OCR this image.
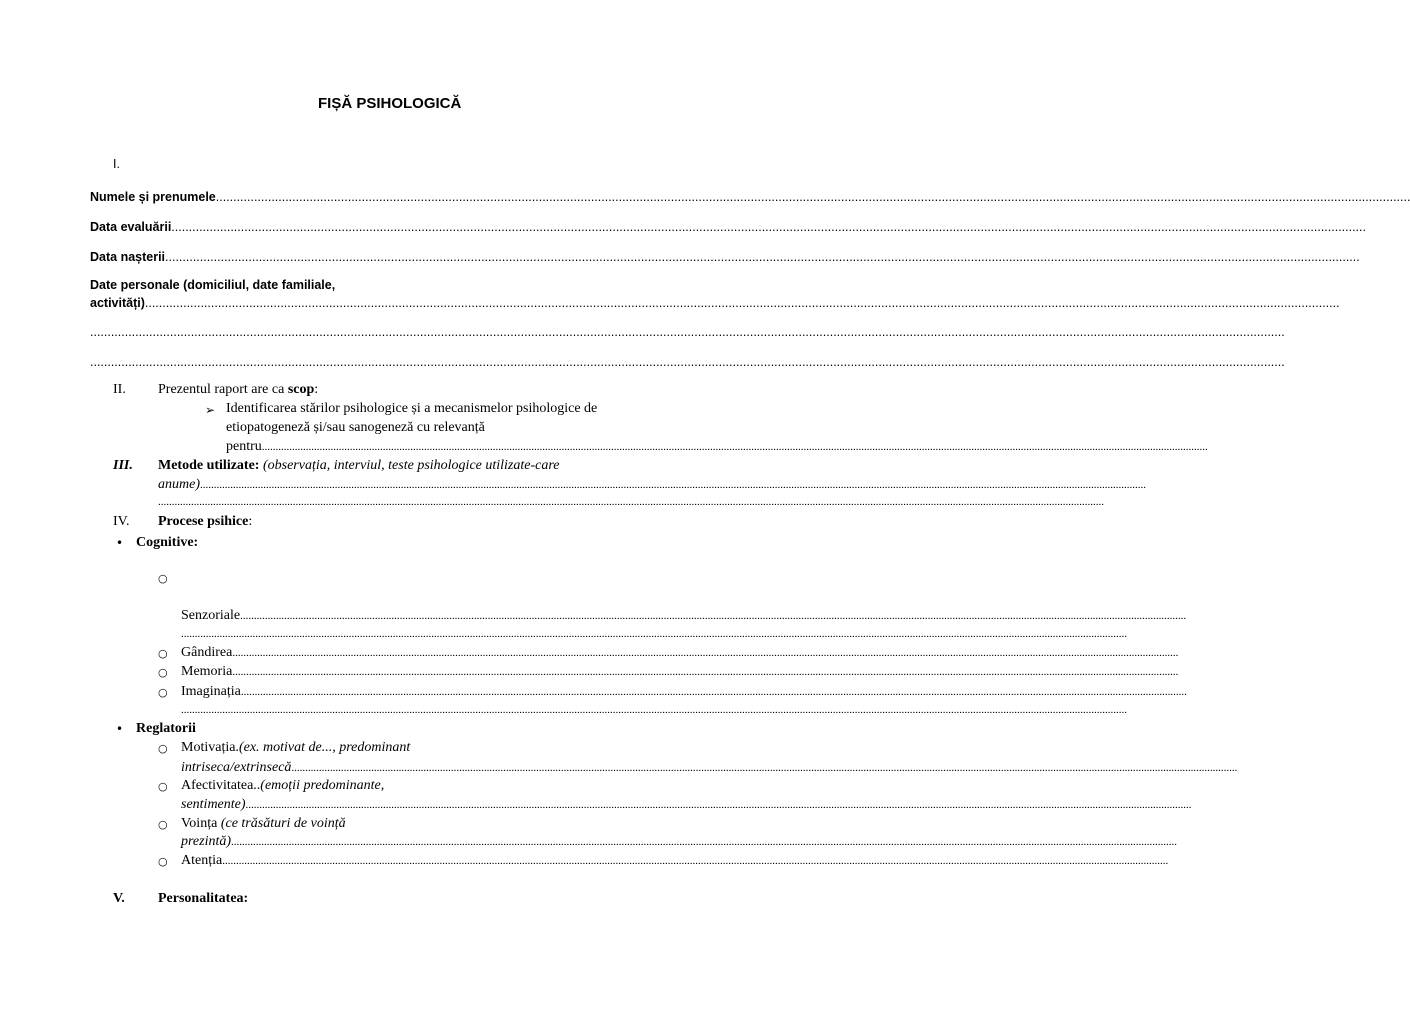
FIȘĂ PSIHOLOGICĂ
I.
Numele și prenumele ........................................................................................................................................................................................................................................................................................................................................................
Data evaluării ........................................................................................................................................................................................................................................................................................................................................................
Data nașterii ........................................................................................................................................................................................................................................................................................................................................................
Date personale (domiciliul, date familiale,
activități) ........................................................................................................................................................................................................................................................................................................................................................
........................................................................................................................................................................................................................................................................................................................................................
........................................................................................................................................................................................................................................................................................................................................................
II. Prezentul raport are ca scop:
➢ Identificarea stărilor psihologice și a mecanismelor psihologice de
etiopatogeneză și/sau sanogeneză cu relevanță
pentru ........................................................................................................................................................................................................................................................................................................................................................
III. Metode utilizate: (observația, interviul, teste psihologice utilizate-care
anume) ........................................................................................................................................................................................................................................................................................................................................................
........................................................................................................................................................................................................................................................................................................................................................
IV. Procese psihice:
• Cognitive:
○
Senzoriale ........................................................................................................................................................................................................................................................................................................................................................
........................................................................................................................................................................................................................................................................................................................................................
○ Gândirea ........................................................................................................................................................................................................................................................................................................................................................
○ Memoria ........................................................................................................................................................................................................................................................................................................................................................
○ Imaginația ........................................................................................................................................................................................................................................................................................................................................................
........................................................................................................................................................................................................................................................................................................................................................
• Reglatorii
○ Motivația.(ex. motivat de..., predominant
intriseca/extrinsecă ........................................................................................................................................................................................................................................................................................................................................................
○ Afectivitatea..(emoții predominante,
sentimente) ........................................................................................................................................................................................................................................................................................................................................................
○ Voința (ce trăsături de voință
prezintă) ........................................................................................................................................................................................................................................................................................................................................................
○ Atenția ........................................................................................................................................................................................................................................................................................................................................................
V. Personalitatea:
